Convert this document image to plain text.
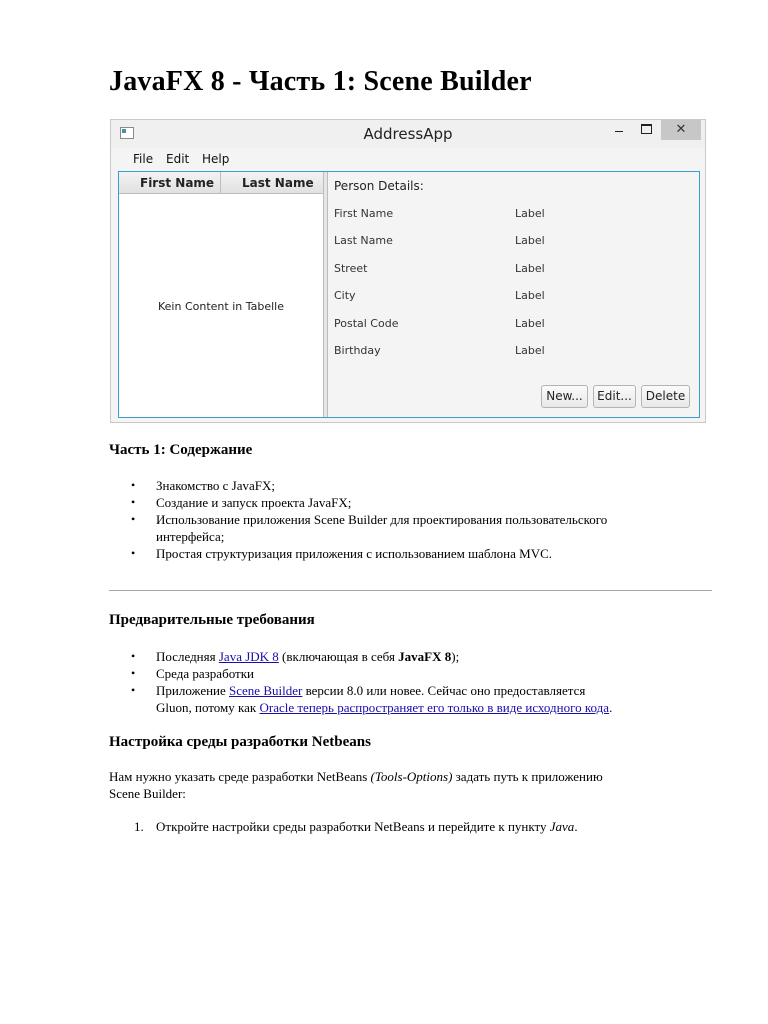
JavaFX 8 - Часть 1: Scene Builder
AddressApp	✕
File Edit Help
First Name Last Name
Kein Content in Tabelle
Person Details:
First Name	Label
Last Name	Label
Street	Label
City	Label
Postal Code	Label
Birthday	Label
New...	Edit...	Delete
Часть 1: Содержание
• Знакомство с JavaFX;
• Создание и запуск проекта JavaFX;
• Использование приложения Scene Builder для проектирования пользовательского
интерфейса;
• Простая структуризация приложения с использованием шаблона MVC.
Предварительные требования
• Последняя Java JDK 8 (включающая в себя JavaFX 8);
• Среда разработки
• Приложение Scene Builder версии 8.0 или новее. Сейчас оно предоставляется
Gluon, потому как Oracle теперь распространяет его только в виде исходного кода.
Настройка среды разработки Netbeans

Нам нужно указать среде разработки NetBeans (Tools-Options) задать путь к приложению
Scene Builder:

1. Откройте настройки среды разработки NetBeans и перейдите к пункту Java.
